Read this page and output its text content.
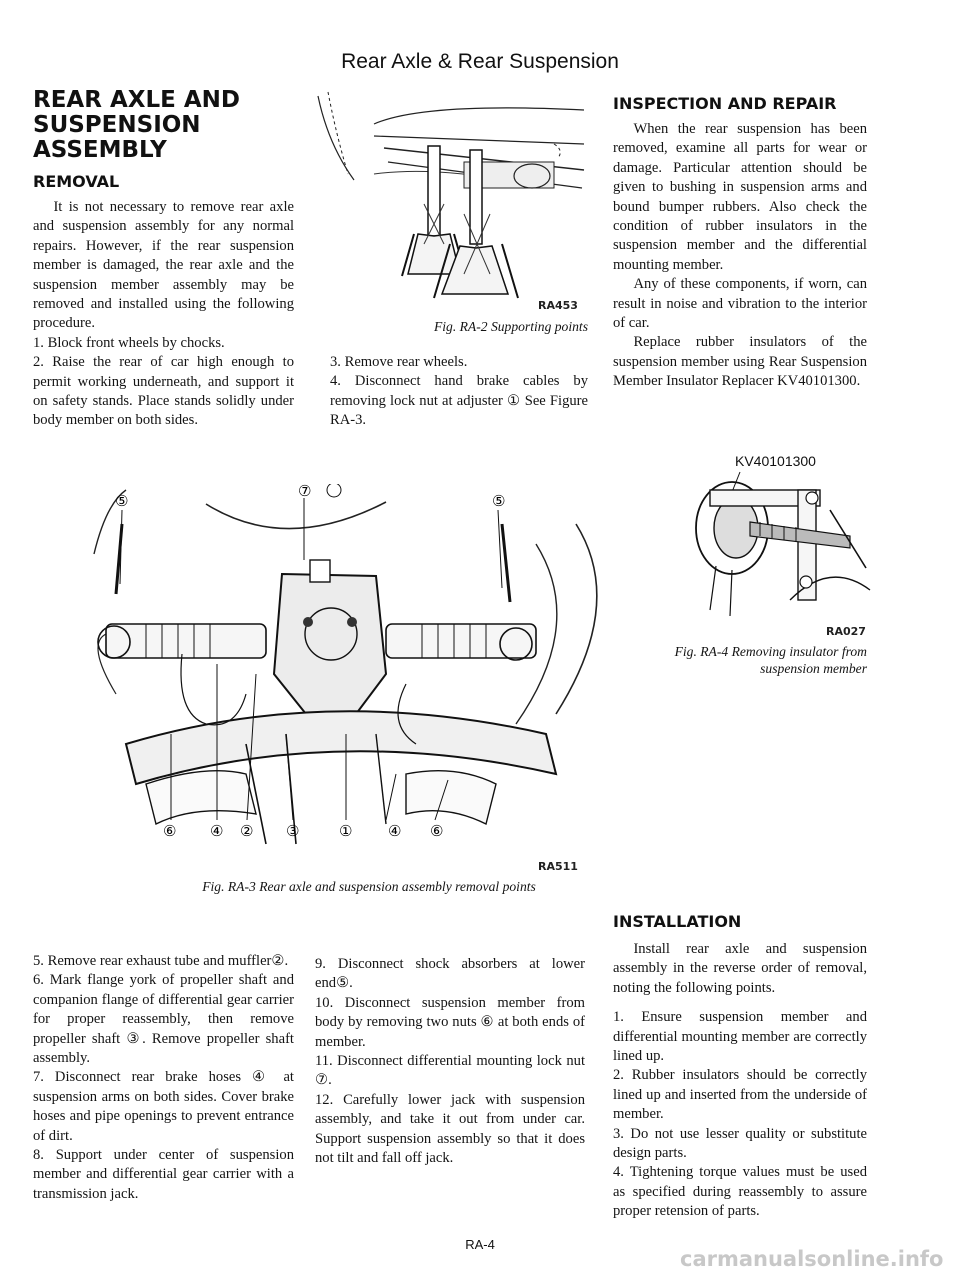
Rear Axle & Rear Suspension
REAR AXLE AND
SUSPENSION
ASSEMBLY
REMOVAL

It is not necessary to remove rear axle and suspension assembly for any normal repairs. However, if the rear suspension member is damaged, the rear axle and the suspension member assembly may be removed and installed using the following procedure.

1. Block front wheels by chocks.

2. Raise the rear of car high enough to permit working underneath, and support it on safety stands. Place stands solidly under body member on both sides.

RA453
Fig. RA-2 Supporting points

3. Remove rear wheels.

4. Disconnect hand brake cables by removing lock nut at adjuster ① See Figure RA-3.

⑤
⑦
⑤
⑥ ④ ② ③	① ④ ⑥
RA511
Fig. RA-3 Rear axle and suspension assembly removal points

5. Remove rear exhaust tube and muffler②.

6. Mark flange york of propeller shaft and companion flange of differential gear carrier for proper reassembly, then remove propeller shaft ③. Remove propeller shaft assembly.

7. Disconnect rear brake hoses ④ at suspension arms on both sides. Cover brake hoses and pipe openings to prevent entrance of dirt.

8. Support under center of suspension member and differential gear carrier with a transmission jack.

9. Disconnect shock absorbers at lower end⑤.

10. Disconnect suspension member from body by removing two nuts ⑥ at both ends of member.

11. Disconnect differential mounting lock nut ⑦.

12. Carefully lower jack with suspension assembly, and take it out from under car. Support suspension assembly so that it does not tilt and fall off jack.

INSPECTION AND REPAIR

When the rear suspension has been removed, examine all parts for wear or damage. Particular attention should be given to bushing in suspension arms and bound bumper rubbers. Also check the condition of rubber insulators in the suspension member and the differential mounting member.

Any of these components, if worn, can result in noise and vibration to the interior of car.

Replace rubber insulators of the suspension member using Rear Suspension Member Insulator Replacer KV40101300.

KV40101300
RA027
Fig. RA-4 Removing insulator from
suspension member
INSTALLATION

Install rear axle and suspension assembly in the reverse order of removal, noting the following points.

1. Ensure suspension member and differential mounting member are correctly lined up.

2. Rubber insulators should be correctly lined up and inserted from the underside of member.

3. Do not use lesser quality or substitute design parts.

4. Tightening torque values must be used as specified during reassembly to assure proper retension of parts.

RA-4
carmanualsonline.info
